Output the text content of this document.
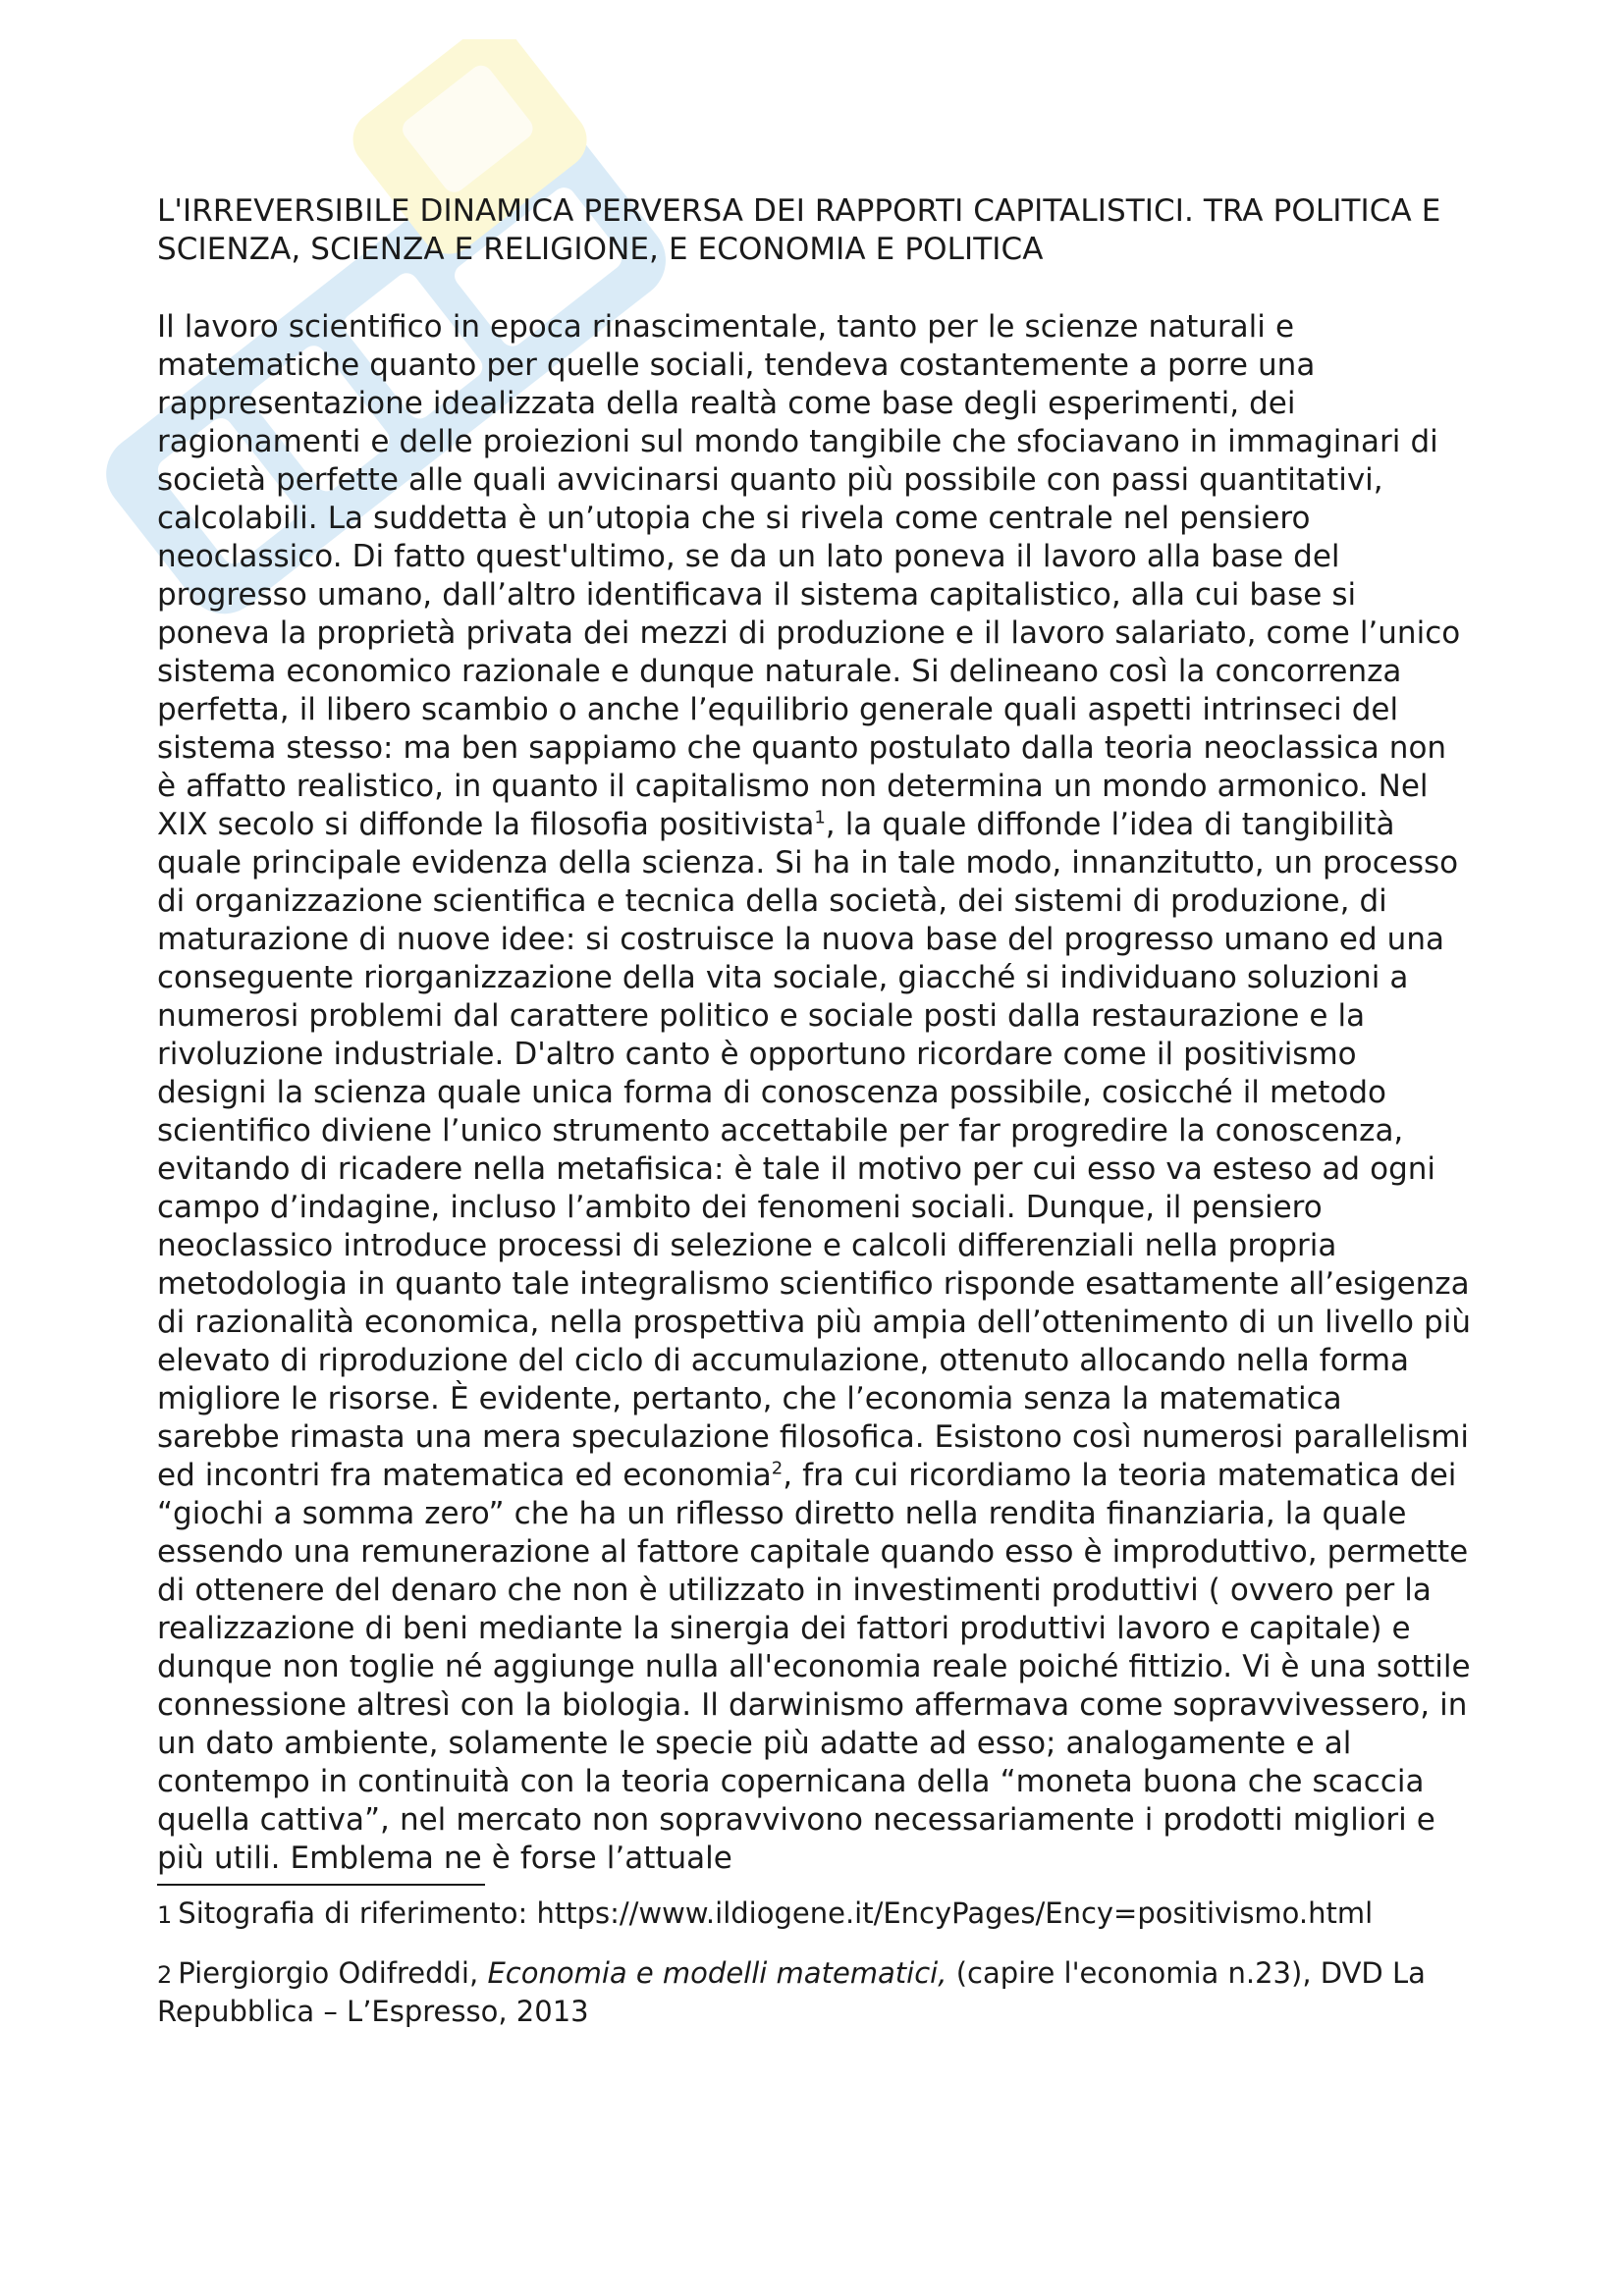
L'IRREVERSIBILE DINAMICA PERVERSA DEI RAPPORTI CAPITALISTICI. TRA POLITICA E SCIENZA, SCIENZA E RELIGIONE, E ECONOMIA E POLITICA

Il lavoro scientifico in epoca rinascimentale, tanto per le scienze naturali e matematiche quanto per quelle sociali, tendeva costantemente a porre una rappresentazione idealizzata della realtà come base degli esperimenti, dei ragionamenti e delle proiezioni sul mondo tangibile che sfociavano in immaginari di società perfette alle quali avvicinarsi quanto più possibile con passi quantitativi, calcolabili. La suddetta è un’utopia che si rivela come centrale nel pensiero neoclassico. Di fatto quest'ultimo, se da un lato poneva il lavoro alla base del progresso umano, dall’altro identificava il sistema capitalistico, alla cui base si poneva la proprietà privata dei mezzi di produzione e il lavoro salariato, come l’unico sistema economico razionale e dunque naturale. Si delineano così la concorrenza perfetta, il libero scambio o anche l’equilibrio generale quali aspetti intrinseci del sistema stesso: ma ben sappiamo che quanto postulato dalla teoria neoclassica non è affatto realistico, in quanto il capitalismo non determina un mondo armonico. Nel XIX secolo si diffonde la filosofia positivista$^1$, la quale diffonde l’idea di tangibilità quale principale evidenza della scienza. Si ha in tale modo, innanzitutto, un processo di organizzazione scientifica e tecnica della società, dei sistemi di produzione, di maturazione di nuove idee: si costruisce la nuova base del progresso umano ed una conseguente riorganizzazione della vita sociale, giacché si individuano soluzioni a numerosi problemi dal carattere politico e sociale posti dalla restaurazione e la rivoluzione industriale. D'altro canto è opportuno ricordare come il positivismo designi la scienza quale unica forma di conoscenza possibile, cosicché il metodo scientifico diviene l’unico strumento accettabile per far progredire la conoscenza, evitando di ricadere nella metafisica: è tale il motivo per cui esso va esteso ad ogni campo d’indagine, incluso l’ambito dei fenomeni sociali. Dunque, il pensiero neoclassico introduce processi di selezione e calcoli differenziali nella propria metodologia in quanto tale integralismo scientifico risponde esattamente all’esigenza di razionalità economica, nella prospettiva più ampia dell’ottenimento di un livello più elevato di riproduzione del ciclo di accumulazione, ottenuto allocando nella forma migliore le risorse. È evidente, pertanto, che l’economia senza la matematica sarebbe rimasta una mera speculazione filosofica. Esistono così numerosi parallelismi ed incontri fra matematica ed economia$^2$, fra cui ricordiamo la teoria matematica dei “giochi a somma zero” che ha un riflesso diretto nella rendita finanziaria, la quale essendo una remunerazione al fattore capitale quando esso è improduttivo, permette di ottenere del denaro che non è utilizzato in investimenti produttivi ( ovvero per la realizzazione di beni mediante la sinergia dei fattori produttivi lavoro e capitale) e dunque non toglie né aggiunge nulla all'economia reale poiché fittizio. Vi è una sottile connessione altresì con la biologia. Il darwinismo affermava come sopravvivessero, in un dato ambiente, solamente le specie più adatte ad esso; analogamente e al contempo in continuità con la teoria copernicana della “moneta buona che scaccia quella cattiva”, nel mercato non sopravvivono necessariamente i prodotti migliori e più utili. Emblema ne è forse l’attuale

1 Sitografia di riferimento: https://www.ildiogene.it/EncyPages/Ency=positivismo.html

2 Piergiorgio Odifreddi, Economia e modelli matematici, (capire l'economia n.23), DVD La Repubblica – L’Espresso, 2013
